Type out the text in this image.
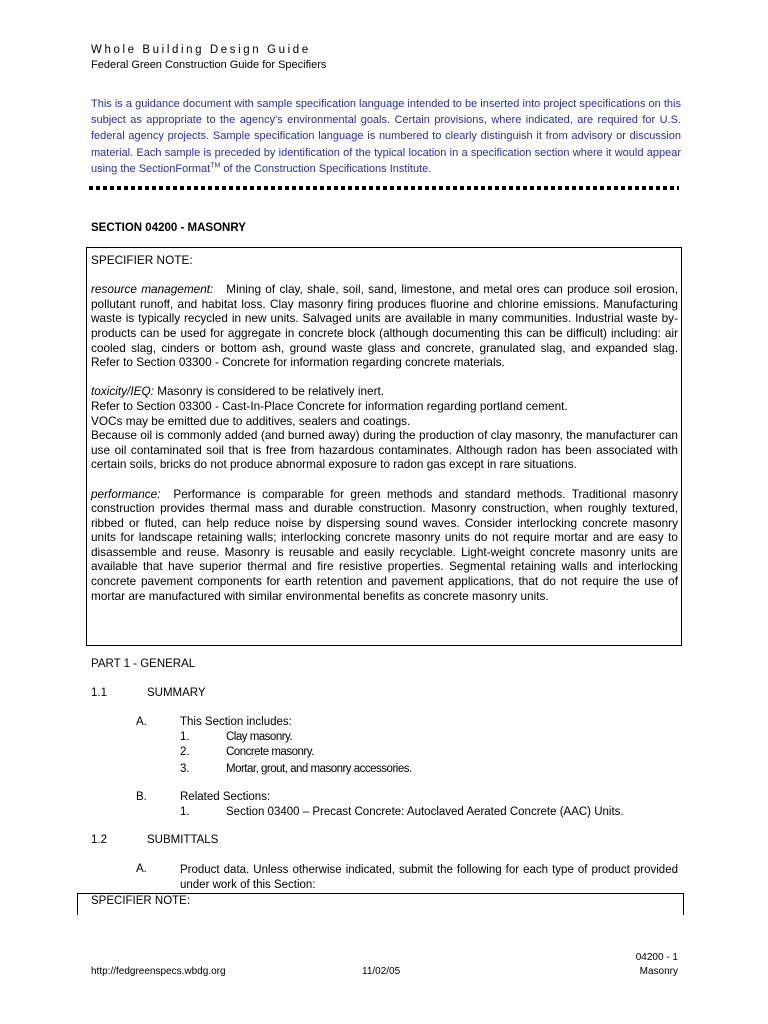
Whole Building Design Guide
Federal Green Construction Guide for Specifiers
This is a guidance document with sample specification language intended to be inserted into project specifications on this subject as appropriate to the agency's environmental goals. Certain provisions, where indicated, are required for U.S. federal agency projects. Sample specification language is numbered to clearly distinguish it from advisory or discussion material. Each sample is preceded by identification of the typical location in a specification section where it would appear using the SectionFormat™ of the Construction Specifications Institute.
SECTION 04200 - MASONRY

SPECIFIER NOTE:

resource management: Mining of clay, shale, soil, sand, limestone, and metal ores can produce soil erosion, pollutant runoff, and habitat loss. Clay masonry firing produces fluorine and chlorine emissions. Manufacturing waste is typically recycled in new units. Salvaged units are available in many communities. Industrial waste by-products can be used for aggregate in concrete block (although documenting this can be difficult) including: air cooled slag, cinders or bottom ash, ground waste glass and concrete, granulated slag, and expanded slag. Refer to Section 03300 - Concrete for information regarding concrete materials.

toxicity/IEQ: Masonry is considered to be relatively inert.
Refer to Section 03300 - Cast-In-Place Concrete for information regarding portland cement.
VOCs may be emitted due to additives, sealers and coatings.
Because oil is commonly added (and burned away) during the production of clay masonry, the manufacturer can use oil contaminated soil that is free from hazardous contaminates. Although radon has been associated with certain soils, bricks do not produce abnormal exposure to radon gas except in rare situations.

performance: Performance is comparable for green methods and standard methods. Traditional masonry construction provides thermal mass and durable construction. Masonry construction, when roughly textured, ribbed or fluted, can help reduce noise by dispersing sound waves. Consider interlocking concrete masonry units for landscape retaining walls; interlocking concrete masonry units do not require mortar and are easy to disassemble and reuse. Masonry is reusable and easily recyclable. Light-weight concrete masonry units are available that have superior thermal and fire resistive properties. Segmental retaining walls and interlocking concrete pavement components for earth retention and pavement applications, that do not require the use of mortar are manufactured with similar environmental benefits as concrete masonry units.

PART 1 - GENERAL
1.1	SUMMARY
A.	This Section includes:
1.	Clay masonry.
2.	Concrete masonry.
3.	Mortar, grout, and masonry accessories.
B.	Related Sections:
1.	Section 03400 – Precast Concrete: Autoclaved Aerated Concrete (AAC) Units.
1.2	SUBMITTALS
A.	Product data. Unless otherwise indicated, submit the following for each type of product provided under work of this Section:
SPECIFIER NOTE:
http://fedgreenspecs.wbdg.org	11/02/05
04200 - 1
Masonry
